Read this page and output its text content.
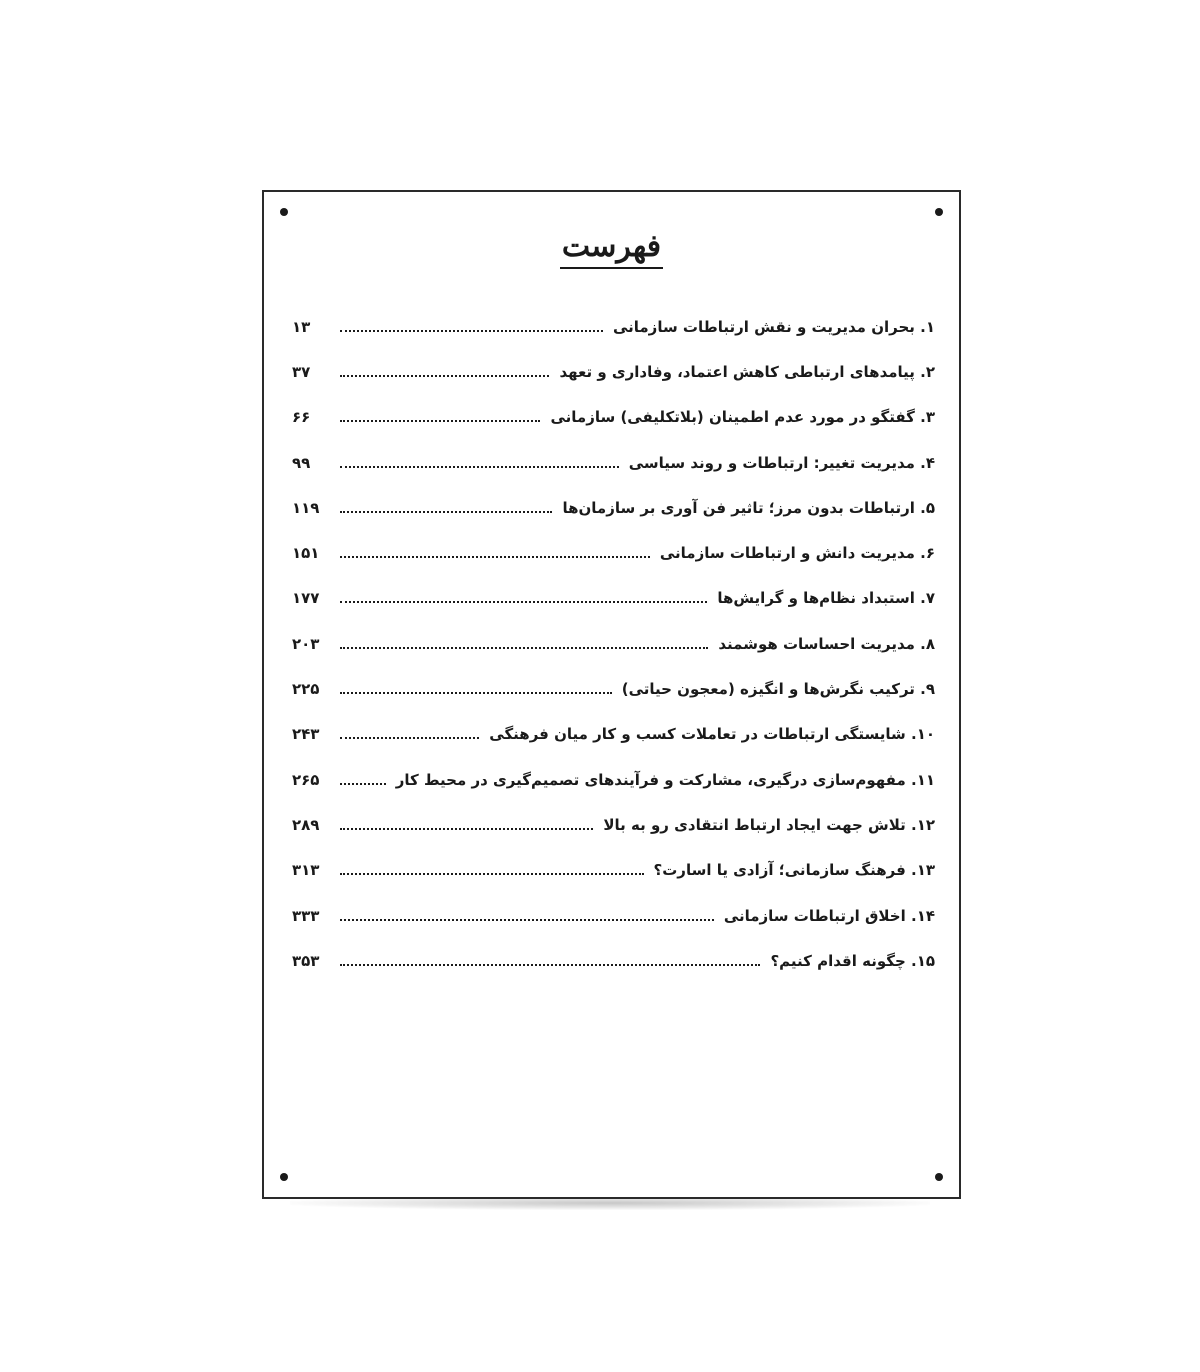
فهرست
۱. بحران مدیریت و نقش ارتباطات سازمانی
۱۳
۲. پیامدهای ارتباطی کاهش اعتماد، وفاداری و تعهد
۳۷
۳. گفتگو در مورد عدم اطمینان (بلاتکلیفی) سازمانی
۶۶
۴. مدیریت تغییر: ارتباطات و روند سیاسی
۹۹
۵. ارتباطات بدون مرز؛ تاثیر فن آوری بر سازمان‌ها
۱۱۹
۶. مدیریت دانش و ارتباطات سازمانی
۱۵۱
۷. استبداد نظام‌ها و گرایش‌ها
۱۷۷
۸. مدیریت احساسات هوشمند
۲۰۳
۹. ترکیب نگرش‌ها و انگیزه (معجون حیاتی)
۲۲۵
۱۰. شایستگی ارتباطات در تعاملات کسب و کار میان فرهنگی
۲۴۳
۱۱. مفهوم‌سازی درگیری، مشارکت و فرآیندهای تصمیم‌گیری در محیط کار
۲۶۵
۱۲. تلاش جهت ایجاد ارتباط انتقادی رو به بالا
۲۸۹
۱۳. فرهنگ سازمانی؛ آزادی یا اسارت؟
۳۱۳
۱۴. اخلاق ارتباطات سازمانی
۳۳۳
۱۵. چگونه اقدام کنیم؟
۳۵۳
